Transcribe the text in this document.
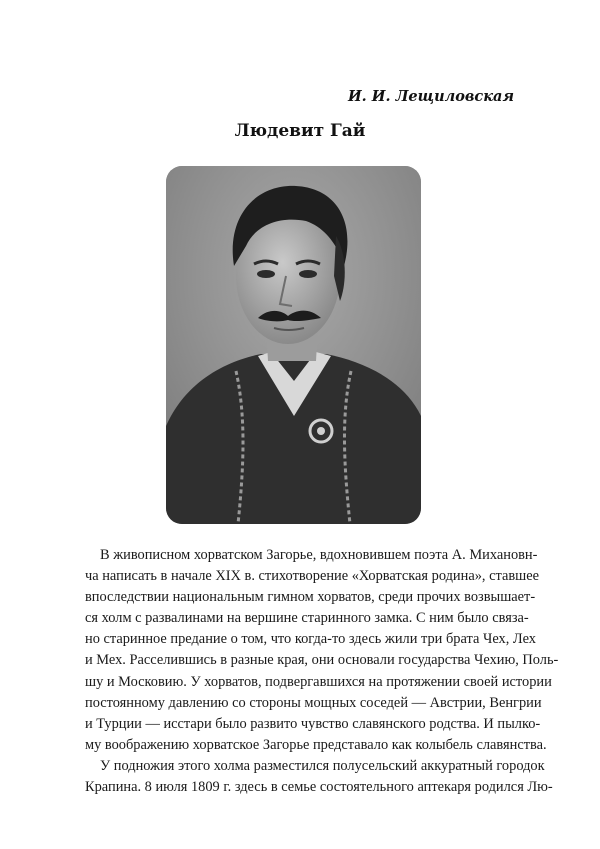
И. И. Лещиловская
Людевит Гай
В живописном хорватском Загорье, вдохновившем поэта А. Михановн-
ча написать в начале XIX в. стихотворение «Хорватская родина», ставшее
впоследствии национальным гимном хорватов, среди прочих возвышает-
ся холм с развалинами на вершине старинного замка. С ним было связа-
но старинное предание о том, что когда-то здесь жили три брата Чех, Лех
и Мех. Расселившись в разные края, они основали государства Чехию, Поль-
шу и Московию. У хорватов, подвергавшихся на протяжении своей истории
постоянному давлению со стороны мощных соседей — Австрии, Венгрии
и Турции — исстари было развито чувство славянского родства. И пылко-
му воображению хорватское Загорье представало как колыбель славянства.
У подножия этого холма разместился полусельский аккуратный городок
Крапина. 8 июля 1809 г. здесь в семье состоятельного аптекаря родился Лю-
